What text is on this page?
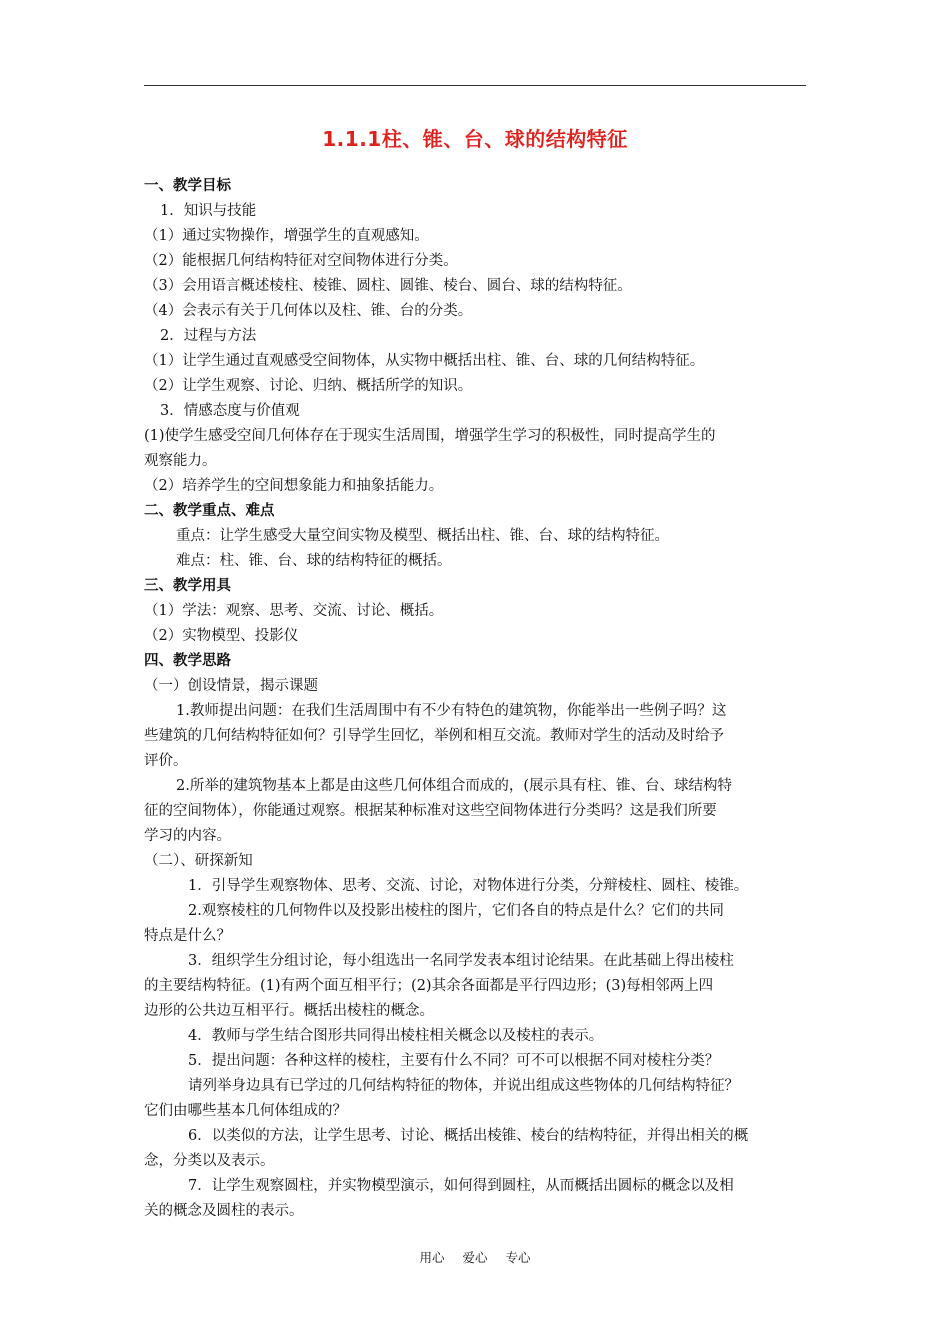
1.1.1柱、锥、台、球的结构特征
一、教学目标
1．知识与技能
（1）通过实物操作，增强学生的直观感知。
（2）能根据几何结构特征对空间物体进行分类。
（3）会用语言概述棱柱、棱锥、圆柱、圆锥、棱台、圆台、球的结构特征。
（4）会表示有关于几何体以及柱、锥、台的分类。
2．过程与方法
（1）让学生通过直观感受空间物体，从实物中概括出柱、锥、台、球的几何结构特征。
（2）让学生观察、讨论、归纳、概括所学的知识。
3．情感态度与价值观
(1)使学生感受空间几何体存在于现实生活周围，增强学生学习的积极性，同时提高学生的
观察能力。
（2）培养学生的空间想象能力和抽象括能力。
二、教学重点、难点
重点：让学生感受大量空间实物及模型、概括出柱、锥、台、球的结构特征。
难点：柱、锥、台、球的结构特征的概括。
三、教学用具
（1）学法：观察、思考、交流、讨论、概括。
（2）实物模型、投影仪
四、教学思路
（一）创设情景，揭示课题
1.教师提出问题：在我们生活周围中有不少有特色的建筑物，你能举出一些例子吗？这
些建筑的几何结构特征如何？引导学生回忆，举例和相互交流。教师对学生的活动及时给予
评价。
2.所举的建筑物基本上都是由这些几何体组合而成的，(展示具有柱、锥、台、球结构特
征的空间物体），你能通过观察。根据某种标准对这些空间物体进行分类吗？这是我们所要
学习的内容。
（二）、研探新知
1．引导学生观察物体、思考、交流、讨论，对物体进行分类，分辩棱柱、圆柱、棱锥。
2.观察棱柱的几何物件以及投影出棱柱的图片，它们各自的特点是什么？它们的共同
特点是什么？
3．组织学生分组讨论，每小组选出一名同学发表本组讨论结果。在此基础上得出棱柱
的主要结构特征。(1)有两个面互相平行；(2)其余各面都是平行四边形；(3)每相邻两上四
边形的公共边互相平行。概括出棱柱的概念。
4．教师与学生结合图形共同得出棱柱相关概念以及棱柱的表示。
5．提出问题：各种这样的棱柱，主要有什么不同？可不可以根据不同对棱柱分类？
请列举身边具有已学过的几何结构特征的物体，并说出组成这些物体的几何结构特征？
它们由哪些基本几何体组成的？
6．以类似的方法，让学生思考、讨论、概括出棱锥、棱台的结构特征，并得出相关的概
念，分类以及表示。
7．让学生观察圆柱，并实物模型演示，如何得到圆柱，从而概括出圆标的概念以及相
关的概念及圆柱的表示。
用心 爱心 专心
